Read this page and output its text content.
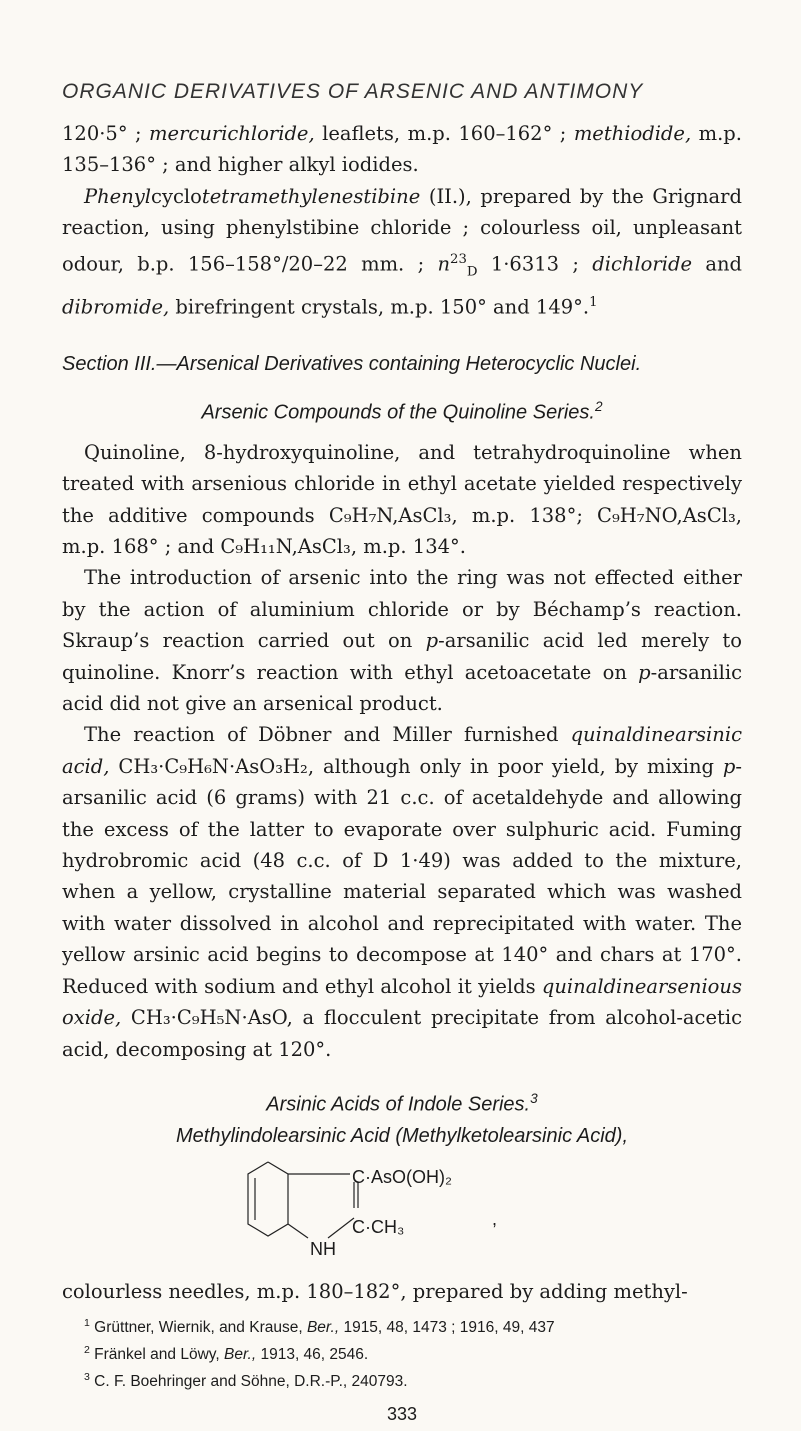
ORGANIC DERIVATIVES OF ARSENIC AND ANTIMONY

120·5° ; mercurichloride, leaflets, m.p. 160–162° ; methiodide, m.p. 135–136° ; and higher alkyl iodides.

Phenylcyclotetramethylenestibine (II.), prepared by the Grignard reaction, using phenylstibine chloride ; colourless oil, unpleasant odour, b.p. 156–158°/20–22 mm. ; $n^{23}_D$ 1·6313 ; dichloride and dibromide, birefringent crystals, m.p. 150° and 149°.$^1$

Section III.—Arsenical Derivatives containing Heterocyclic Nuclei.

Arsenic Compounds of the Quinoline Series.$^2$

Quinoline, 8-hydroxyquinoline, and tetrahydroquinoline when treated with arsenious chloride in ethyl acetate yielded respectively the additive compounds C₉H₇N,AsCl₃, m.p. 138°; C₉H₇NO,AsCl₃, m.p. 168° ; and C₉H₁₁N,AsCl₃, m.p. 134°.

The introduction of arsenic into the ring was not effected either by the action of aluminium chloride or by Béchamp’s reaction. Skraup’s reaction carried out on p-arsanilic acid led merely to quinoline. Knorr’s reaction with ethyl acetoacetate on p-arsanilic acid did not give an arsenical product.

The reaction of Döbner and Miller furnished quinaldinearsinic acid, CH₃·C₉H₆N·AsO₃H₂, although only in poor yield, by mixing p-arsanilic acid (6 grams) with 21 c.c. of acetaldehyde and allowing the excess of the latter to evaporate over sulphuric acid. Fuming hydrobromic acid (48 c.c. of D 1·49) was added to the mixture, when a yellow, crystalline material separated which was washed with water dissolved in alcohol and reprecipitated with water. The yellow arsinic acid begins to decompose at 140° and chars at 170°. Reduced with sodium and ethyl alcohol it yields quinaldinearsenious oxide, CH₃·C₉H₅N·AsO, a flocculent precipitate from alcohol-acetic acid, decomposing at 120°.

Arsinic Acids of Indole Series.$^3$

Methylindolearsinic Acid (Methylketolearsinic Acid),

C·AsO(OH)₂
C·CH₃
NH
,

colourless needles, m.p. 180–182°, prepared by adding methyl-

$^1$ Grüttner, Wiernik, and Krause, Ber., 1915, 48, 1473 ; 1916, 49, 437
$^2$ Fränkel and Löwy, Ber., 1913, 46, 2546.
$^3$ C. F. Boehringer and Söhne, D.R.-P., 240793.
333
